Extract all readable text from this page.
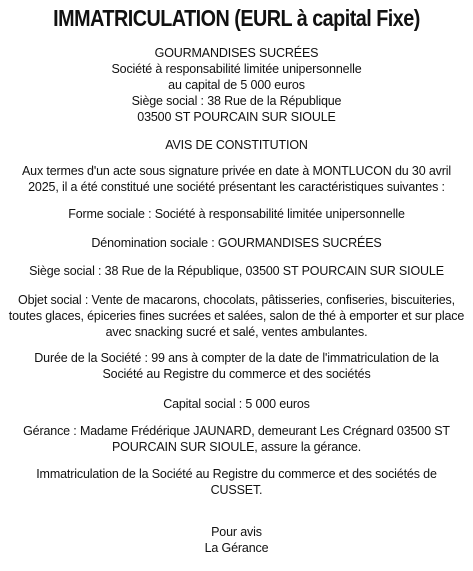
IMMATRICULATION (EURL à capital Fixe)
GOURMANDISES SUCRÉES
Société à responsabilité limitée unipersonnelle
au capital de 5 000 euros
Siège social : 38 Rue de la République
03500 ST POURCAIN SUR SIOULE
AVIS DE CONSTITUTION
Aux termes d'un acte sous signature privée en date à MONTLUCON du 30 avril
2025, il a été constitué une société présentant les caractéristiques suivantes :
Forme sociale : Société à responsabilité limitée unipersonnelle
Dénomination sociale : GOURMANDISES SUCRÉES
Siège social : 38 Rue de la République, 03500 ST POURCAIN SUR SIOULE
Objet social : Vente de macarons, chocolats, pâtisseries, confiseries, biscuiteries,
toutes glaces, épiceries fines sucrées et salées, salon de thé à emporter et sur place
avec snacking sucré et salé, ventes ambulantes.
Durée de la Société : 99 ans à compter de la date de l'immatriculation de la
Société au Registre du commerce et des sociétés
Capital social : 5 000 euros
Gérance : Madame Frédérique JAUNARD, demeurant Les Crégnard 03500 ST
POURCAIN SUR SIOULE, assure la gérance.
Immatriculation de la Société au Registre du commerce et des sociétés de
CUSSET.
Pour avis
La Gérance
